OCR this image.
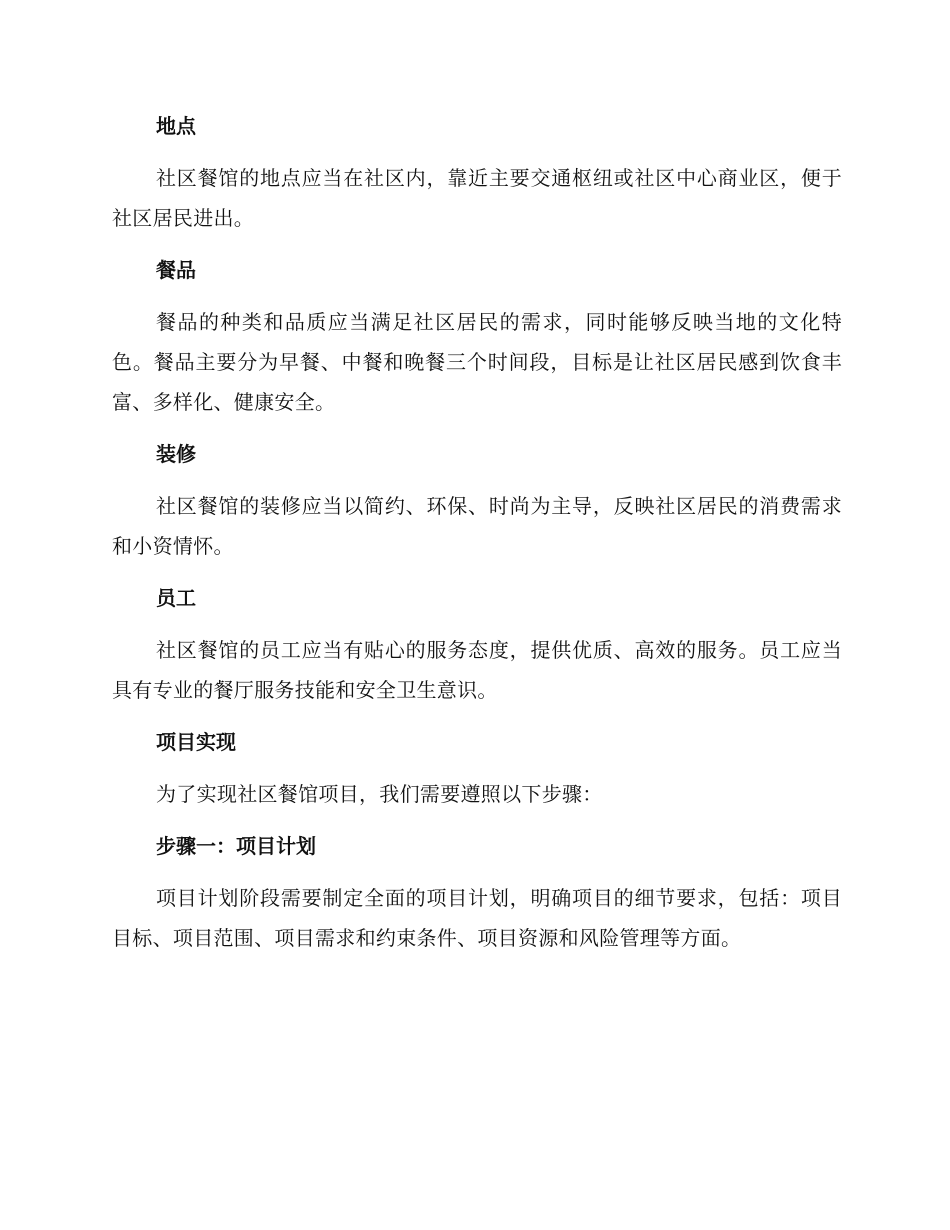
地点

社区餐馆的地点应当在社区内，靠近主要交通枢纽或社区中心商业区，便于社区居民进出。

餐品

餐品的种类和品质应当满足社区居民的需求，同时能够反映当地的文化特色。餐品主要分为早餐、中餐和晚餐三个时间段，目标是让社区居民感到饮食丰富、多样化、健康安全。

装修

社区餐馆的装修应当以简约、环保、时尚为主导，反映社区居民的消费需求和小资情怀。

员工

社区餐馆的员工应当有贴心的服务态度，提供优质、高效的服务。员工应当具有专业的餐厅服务技能和安全卫生意识。

项目实现

为了实现社区餐馆项目，我们需要遵照以下步骤：

步骤一：项目计划

项目计划阶段需要制定全面的项目计划，明确项目的细节要求，包括：项目目标、项目范围、项目需求和约束条件、项目资源和风险管理等方面。
